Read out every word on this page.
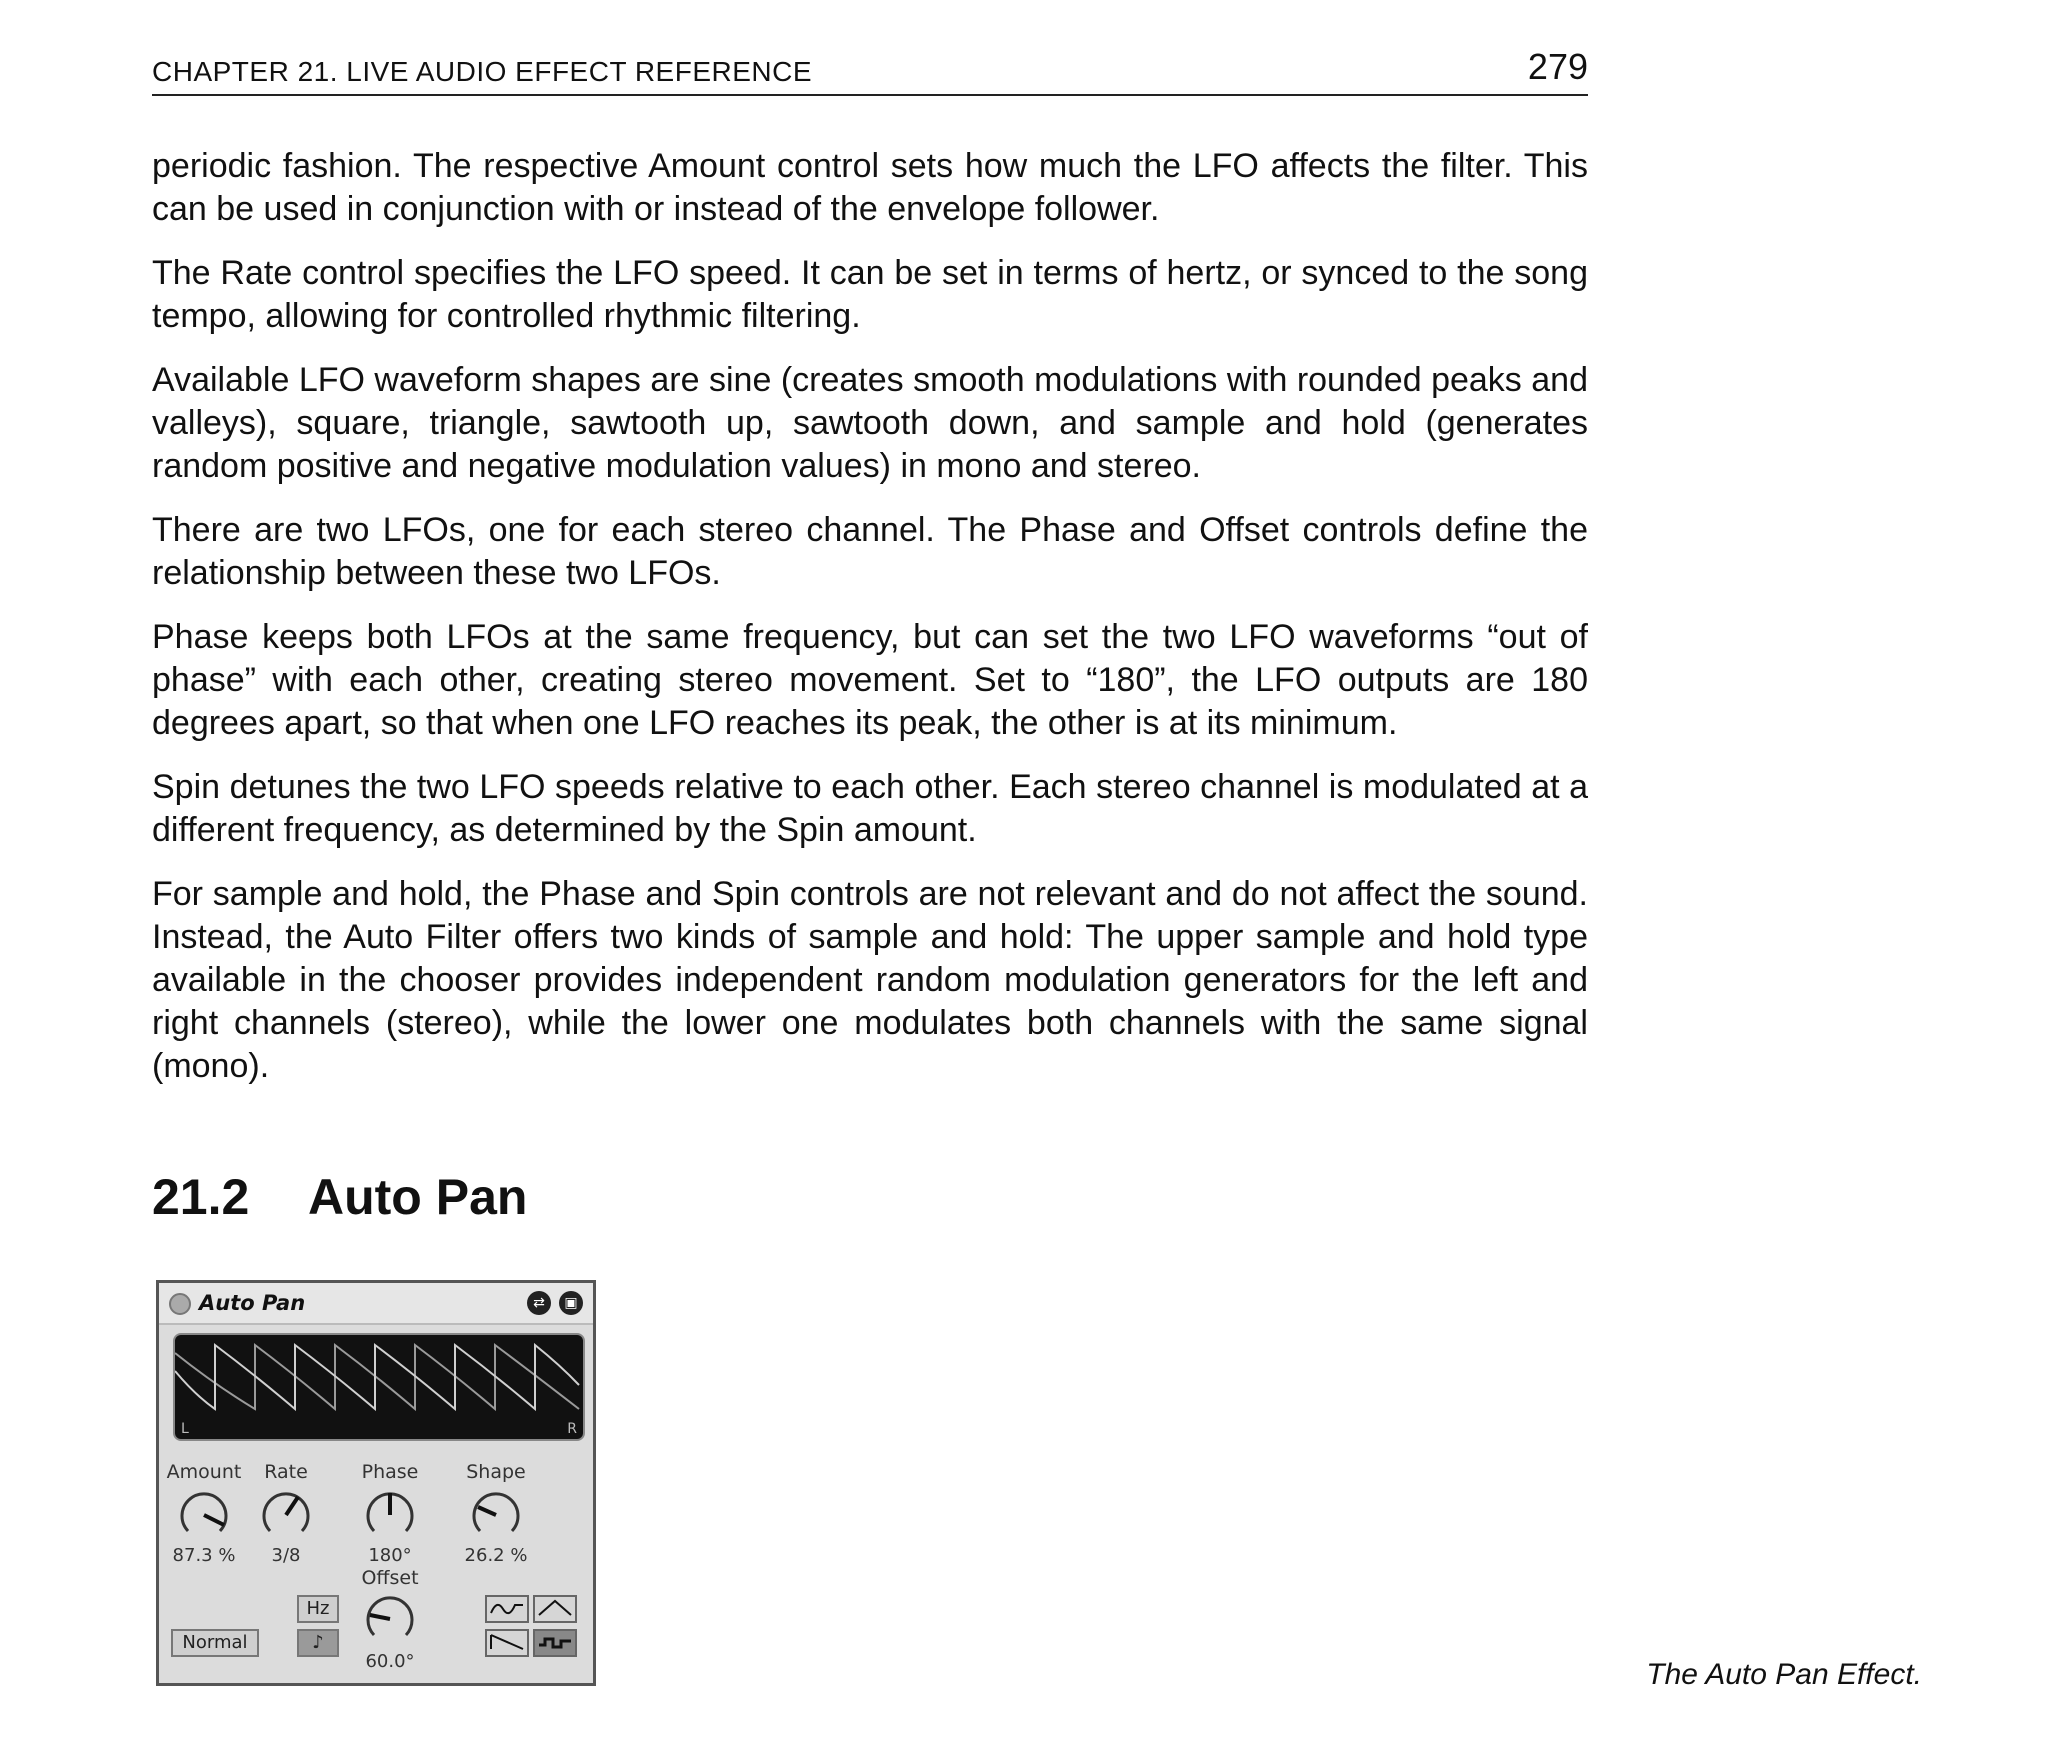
CHAPTER 21. LIVE AUDIO EFFECT REFERENCE	279

periodic fashion. The respective Amount control sets how much the LFO affects the filter. This can be used in conjunction with or instead of the envelope follower.

The Rate control specifies the LFO speed. It can be set in terms of hertz, or synced to the song tempo, allowing for controlled rhythmic filtering.

Available LFO waveform shapes are sine (creates smooth modulations with rounded peaks and valleys), square, triangle, sawtooth up, sawtooth down, and sample and hold (generates random positive and negative modulation values) in mono and stereo.

There are two LFOs, one for each stereo channel. The Phase and Offset controls define the relationship between these two LFOs.

Phase keeps both LFOs at the same frequency, but can set the two LFO waveforms “out of phase” with each other, creating stereo movement. Set to “180”, the LFO outputs are 180 degrees apart, so that when one LFO reaches its peak, the other is at its minimum.

Spin detunes the two LFO speeds relative to each other. Each stereo channel is modulated at a different frequency, as determined by the Spin amount.

For sample and hold, the Phase and Spin controls are not relevant and do not affect the sound. Instead, the Auto Filter offers two kinds of sample and hold: The upper sample and hold type available in the chooser provides independent random modulation generators for the left and right channels (stereo), while the lower one modulates both channels with the same signal (mono).

21.2 Auto Pan
Auto Pan	⇄	▣
L	R
Amount	Rate	Phase	Shape
87.3 %	3/8	180°	26.2 %
Offset
60.0°
Hz
♪
Normal
The Auto Pan Effect.
